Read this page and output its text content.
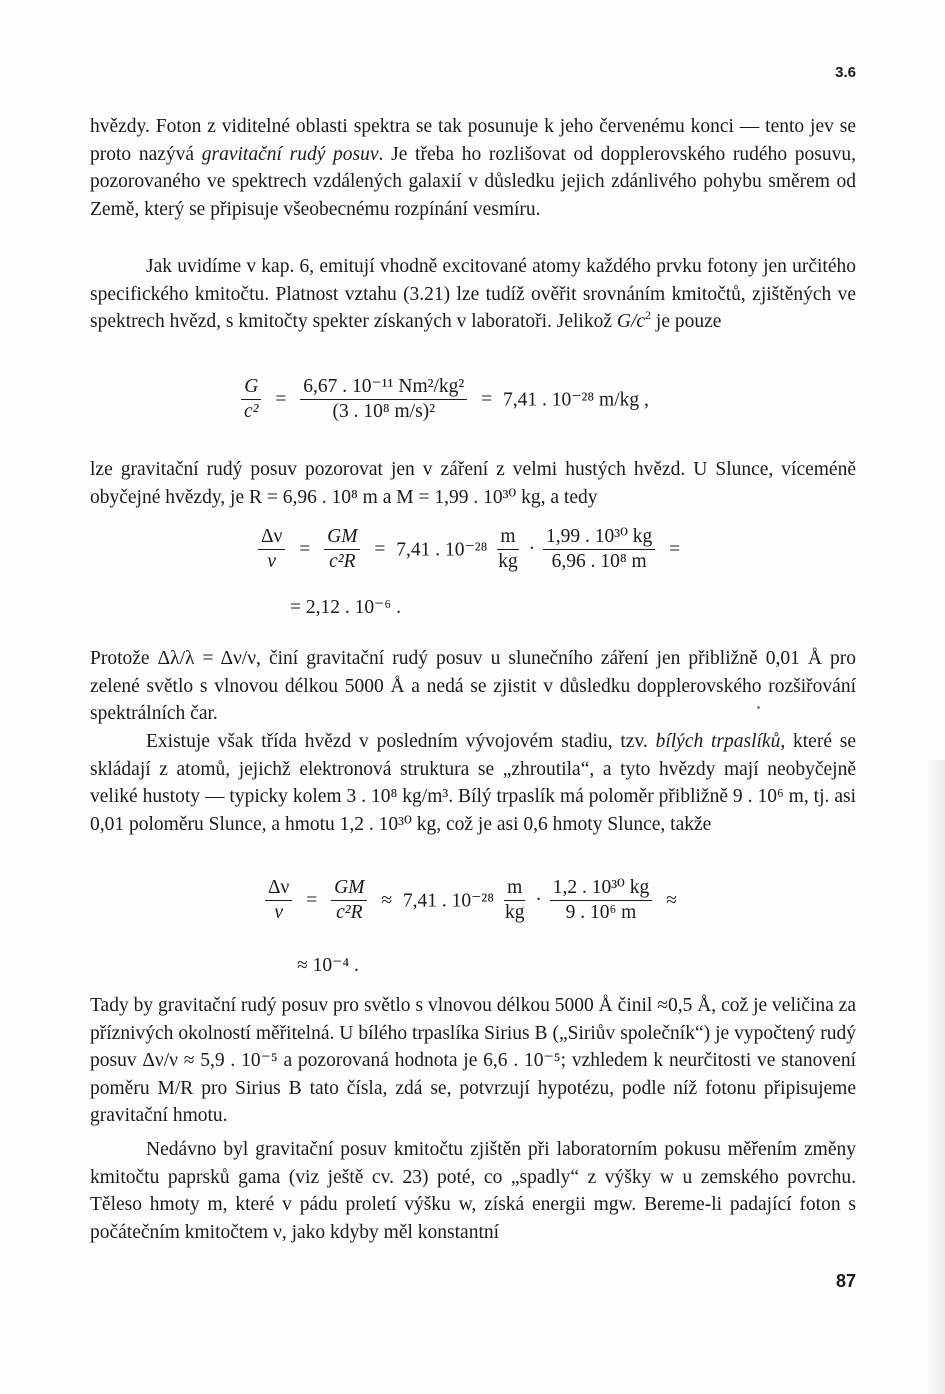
3.6

hvězdy. Foton z viditelné oblasti spektra se tak posunuje k jeho červenému konci — tento jev se proto nazývá gravitační rudý posuv. Je třeba ho rozlišovat od dopplerovského rudého posuvu, pozorovaného ve spektrech vzdálených galaxií v důsledku jejich zdánlivého pohybu směrem od Země, který se připisuje všeobecnému rozpínání vesmíru.

Jak uvidíme v kap. 6, emitují vhodně excitované atomy každého prvku fotony jen určitého specifického kmitočtu. Platnost vztahu (3.21) lze tudíž ověřit srovnáním kmitočtů, zjištěných ve spektrech hvězd, s kmitočty spekter získaných v laboratoři. Jelikož $G/c^2$ je pouze

$\frac{G}{\text{c²}} = \frac{\text{6,67 . 10⁻¹¹ Nm²/kg²}}{\text{(3 . 10⁸ m/s)²}} = 7,41$ . 10⁻²⁸ m/kg ,

lze gravitační rudý posuv pozorovat jen v záření z velmi hustých hvězd. U Slunce, víceméně obyčejné hvězdy, je R = 6,96 . 10⁸ m a M = 1,99 . 10³⁰ kg, a tedy

$\frac{\Delta\nu}{\nu} = \frac{GM}{\text{c²R}} = 7,41$ . $10^{-28} \frac{m}{kg} \cdot \frac{\text{1,99 . 10³⁰ kg}}{\text{6,96 . 10⁸ m}}$ =
= 2,12 . 10⁻⁶ .

Protože Δλ/λ = Δν/ν, činí gravitační rudý posuv u slunečního záření jen přibližně 0,01 Å pro zelené světlo s vlnovou délkou 5000 Å a nedá se zjistit v důsledku dopplerovského rozšiřování spektrálních čar.

Existuje však třída hvězd v posledním vývojovém stadiu, tzv. bílých trpaslíků, které se skládají z atomů, jejichž elektronová struktura se „zhroutila“, a tyto hvězdy mají neobyčejně veliké hustoty — typicky kolem 3 . 10⁸ kg/m³. Bílý trpaslík má poloměr přibližně 9 . 10⁶ m, tj. asi 0,01 poloměru Slunce, a hmotu 1,2 . 10³⁰ kg, což je asi 0,6 hmoty Slunce, takže

$\frac{\Delta\nu}{\nu} = \frac{GM}{\text{c²R}} \approx 7,41$ . $10^{-28} \frac{m}{kg} \cdot \frac{\text{1,2 . 10³⁰ kg}}{\text{9 . 10⁶ m}}$ ≈
≈ 10⁻⁴ .

Tady by gravitační rudý posuv pro světlo s vlnovou délkou 5000 Å činil ≈0,5 Å, což je veličina za příznivých okolností měřitelná. U bílého trpaslíka Sirius B („Siriův společník“) je vypočtený rudý posuv Δν/ν ≈ 5,9 . 10⁻⁵ a pozorovaná hodnota je 6,6 . 10⁻⁵; vzhledem k neurčitosti ve stanovení poměru M/R pro Sirius B tato čísla, zdá se, potvrzují hypotézu, podle níž fotonu připisujeme gravitační hmotu.

Nedávno byl gravitační posuv kmitočtu zjištěn při laboratorním pokusu měřením změny kmitočtu paprsků gama (viz ještě cv. 23) poté, co „spadly“ z výšky w u zemského povrchu. Těleso hmoty m, které v pádu proletí výšku w, získá energii mgw. Bereme-li padající foton s počátečním kmitočtem ν, jako kdyby měl konstantní

87
